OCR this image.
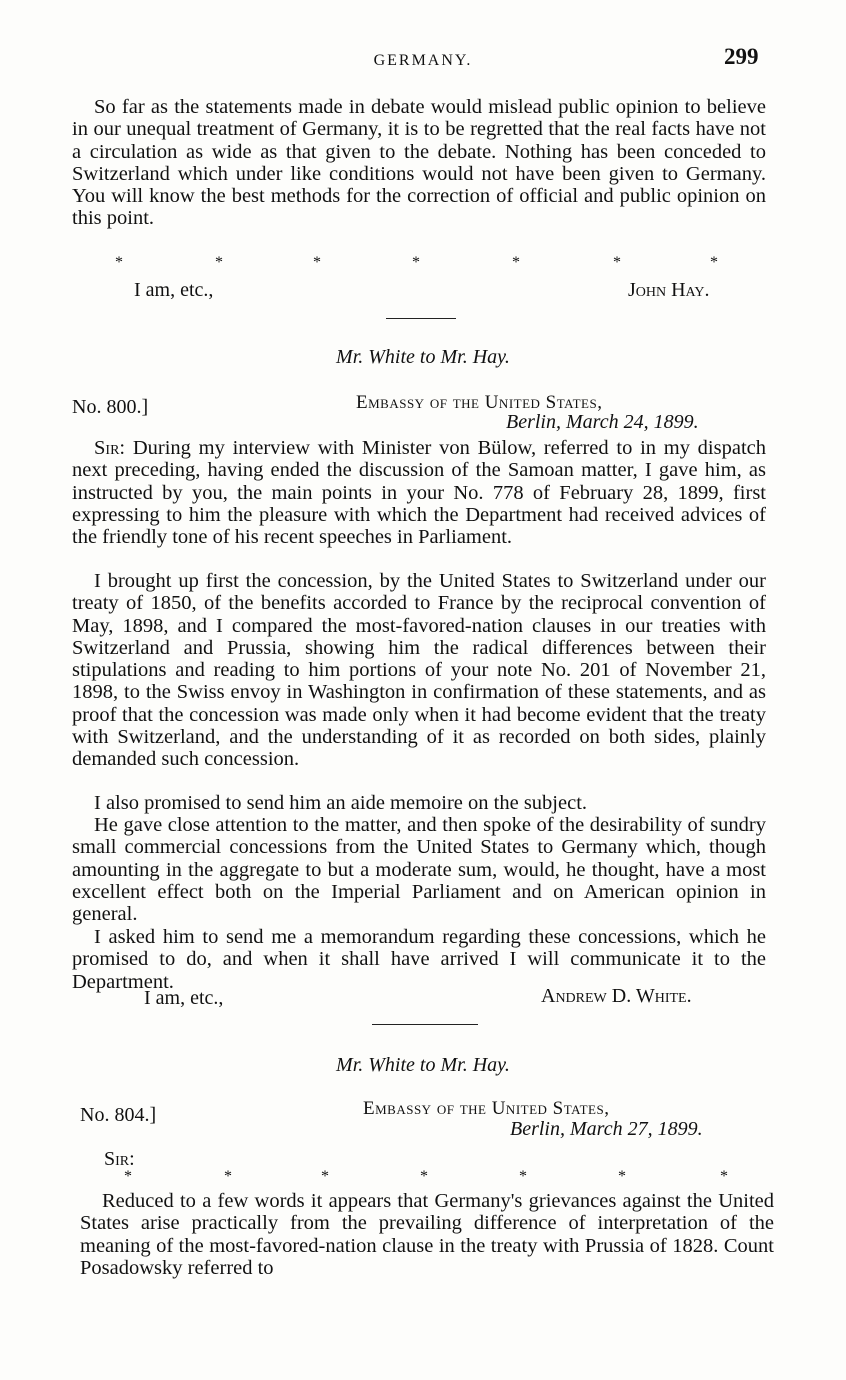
GERMANY.	299

So far as the statements made in debate would mislead public opinion to believe in our unequal treatment of Germany, it is to be regretted that the real facts have not a circulation as wide as that given to the debate. Nothing has been conceded to Switzerland which under like conditions would not have been given to Germany. You will know the best methods for the correction of official and public opinion on this point.

*	*	*	*	*	*	*
I am, etc.,	John Hay.
Mr. White to Mr. Hay.
No. 800.]	Embassy of the United States,
Berlin, March 24, 1899.

Sir: During my interview with Minister von Bülow, referred to in my dispatch next preceding, having ended the discussion of the Samoan matter, I gave him, as instructed by you, the main points in your No. 778 of February 28, 1899, first expressing to him the pleasure with which the Department had received advices of the friendly tone of his recent speeches in Parliament.

I brought up first the concession, by the United States to Switzerland under our treaty of 1850, of the benefits accorded to France by the reciprocal convention of May, 1898, and I compared the most-favored-nation clauses in our treaties with Switzerland and Prussia, showing him the radical differences between their stipulations and reading to him portions of your note No. 201 of November 21, 1898, to the Swiss envoy in Washington in confirmation of these statements, and as proof that the concession was made only when it had become evident that the treaty with Switzerland, and the understanding of it as recorded on both sides, plainly demanded such concession.

I also promised to send him an aide memoire on the subject.

He gave close attention to the matter, and then spoke of the desirability of sundry small commercial concessions from the United States to Germany which, though amounting in the aggregate to but a moderate sum, would, he thought, have a most excellent effect both on the Imperial Parliament and on American opinion in general.

I asked him to send me a memorandum regarding these concessions, which he promised to do, and when it shall have arrived I will communicate it to the Department.

I am, etc.,	Andrew D. White.
Mr. White to Mr. Hay.
No. 804.]	Embassy of the United States,
Berlin, March 27, 1899.
Sir:
*	*	*	*	*	*	*

Reduced to a few words it appears that Germany's grievances against the United States arise practically from the prevailing difference of interpretation of the meaning of the most-favored-nation clause in the treaty with Prussia of 1828. Count Posadowsky referred to
